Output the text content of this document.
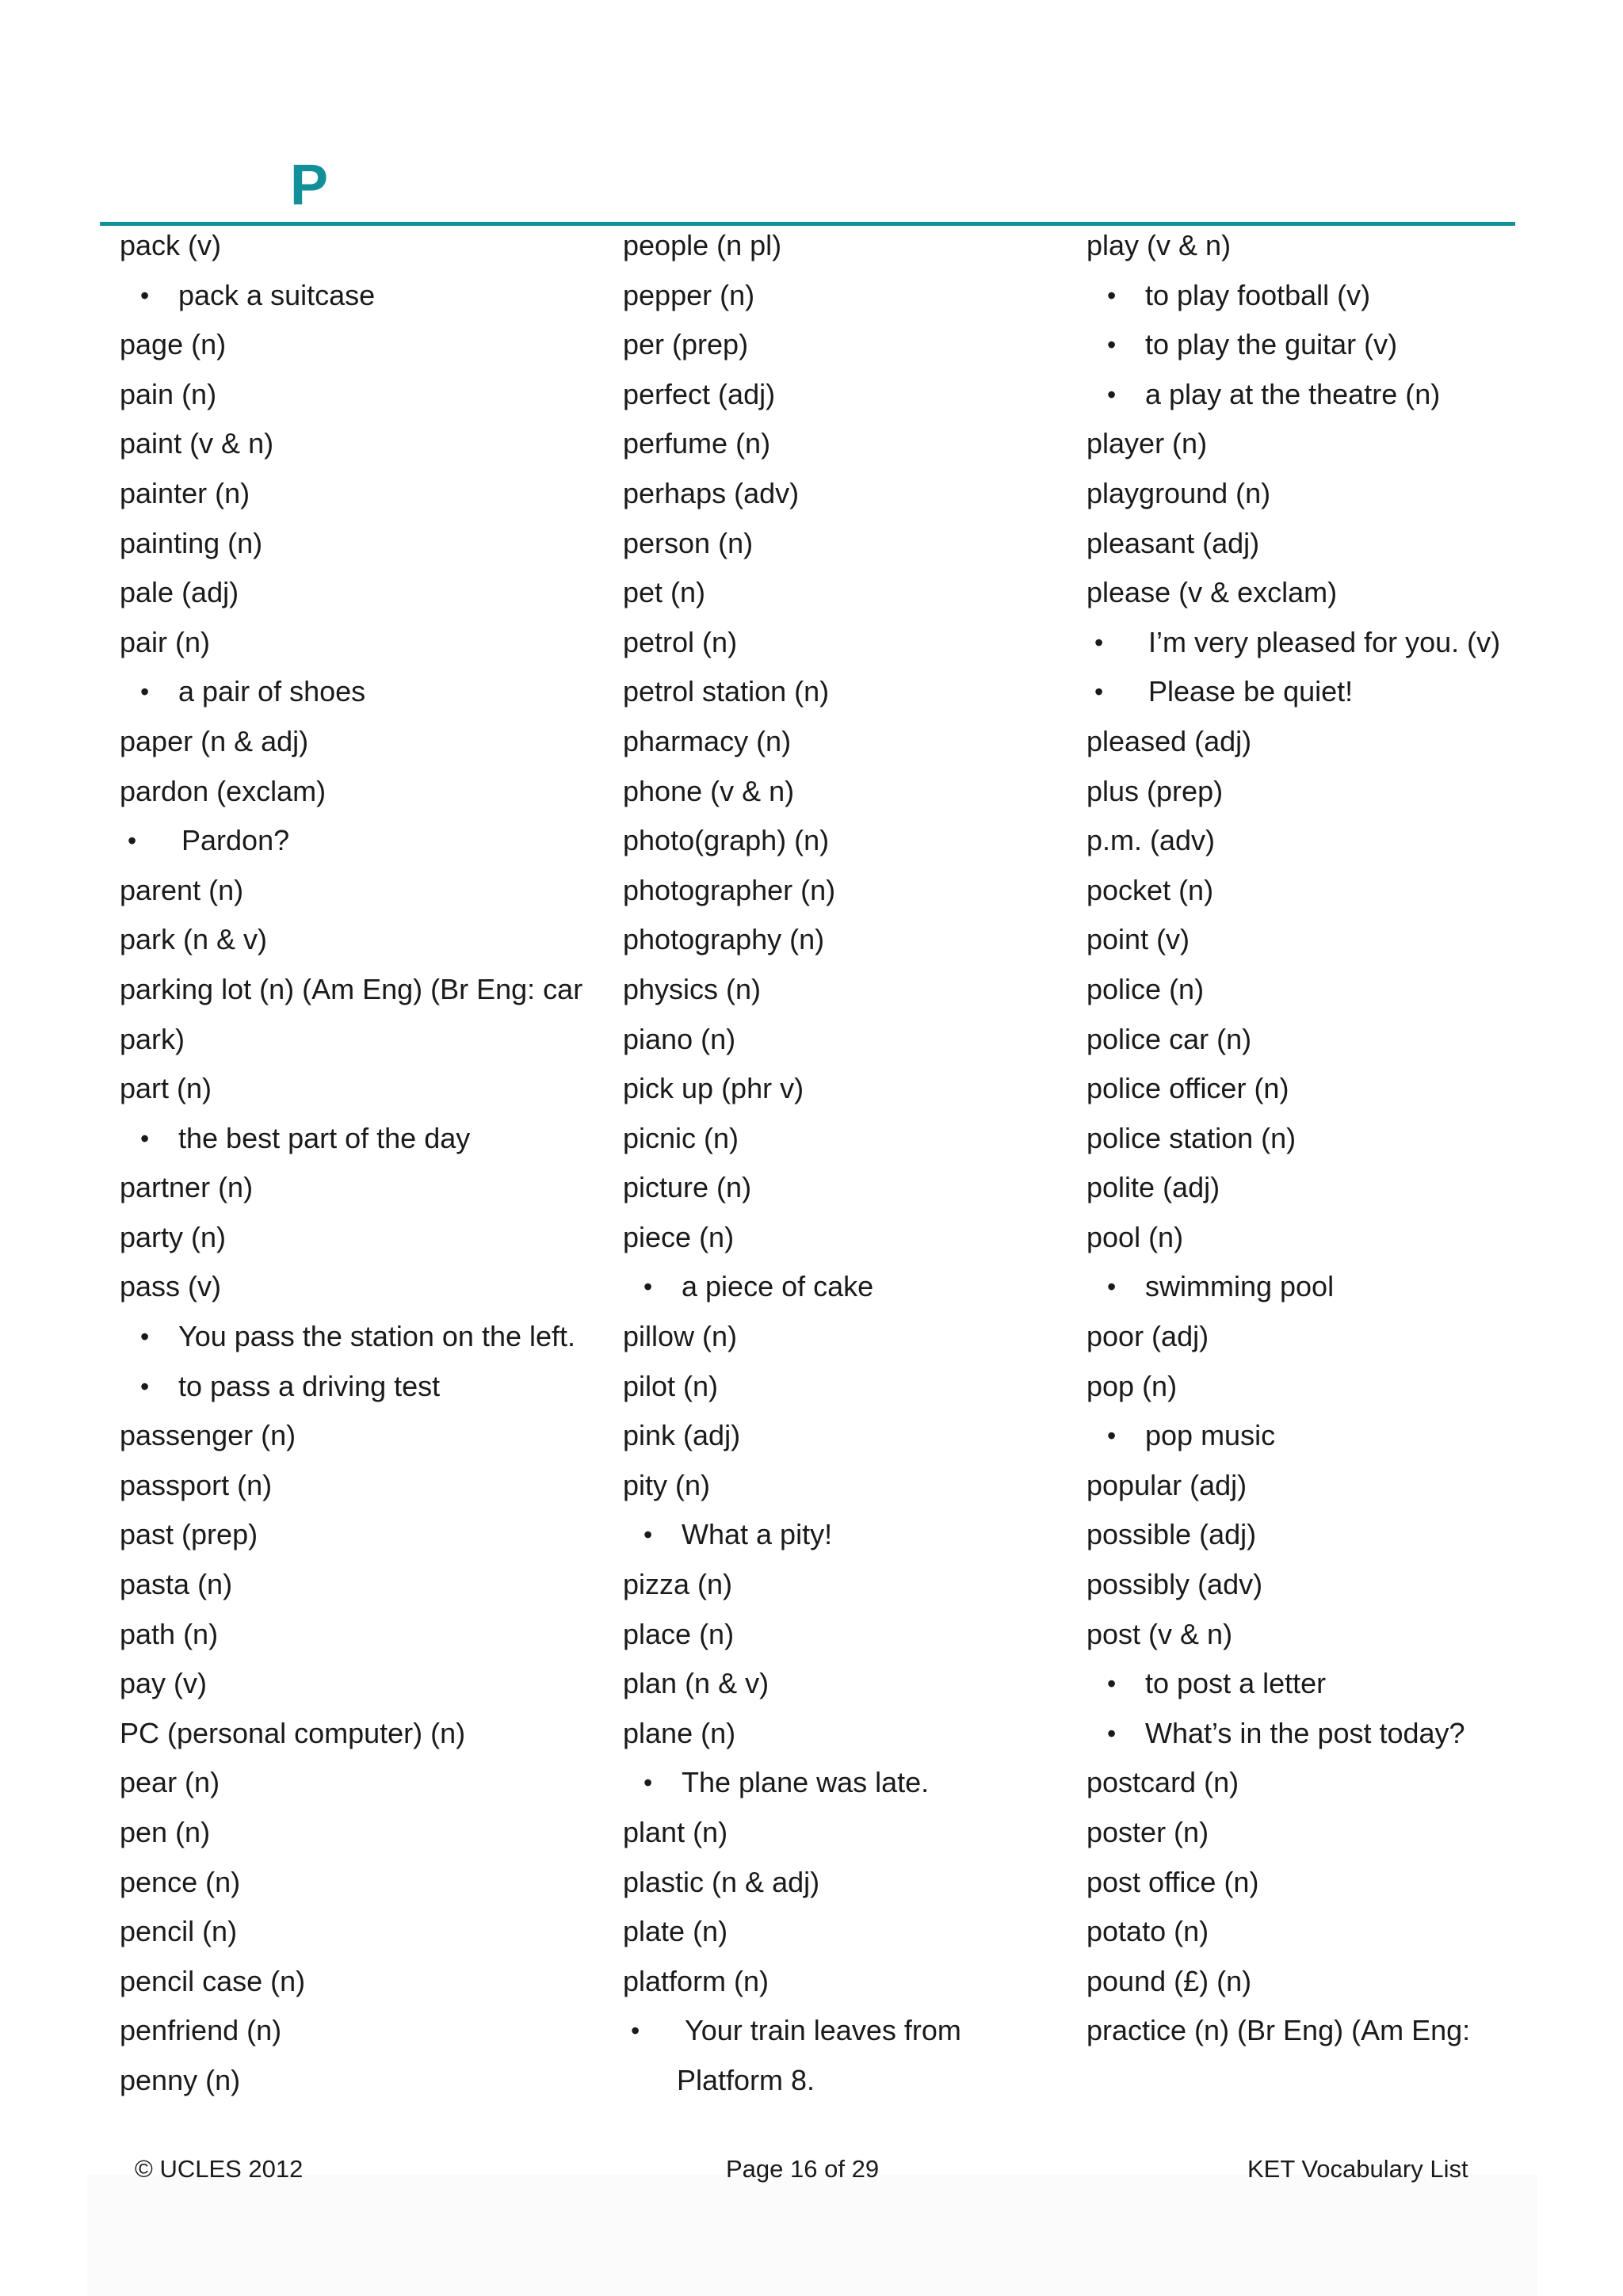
P
pack (v)
• pack a suitcase
page (n)
pain (n)
paint (v & n)
painter (n)
painting (n)
pale (adj)
pair (n)
• a pair of shoes
paper (n & adj)
pardon (exclam)
• Pardon?
parent (n)
park (n & v)
parking lot (n) (Am Eng) (Br Eng: car
park)
part (n)
• the best part of the day
partner (n)
party (n)
pass (v)
• You pass the station on the left.
• to pass a driving test
passenger (n)
passport (n)
past (prep)
pasta (n)
path (n)
pay (v)
PC (personal computer) (n)
pear (n)
pen (n)
pence (n)
pencil (n)
pencil case (n)
penfriend (n)
penny (n)
people (n pl)
pepper (n)
per (prep)
perfect (adj)
perfume (n)
perhaps (adv)
person (n)
pet (n)
petrol (n)
petrol station (n)
pharmacy (n)
phone (v & n)
photo(graph) (n)
photographer (n)
photography (n)
physics (n)
piano (n)
pick up (phr v)
picnic (n)
picture (n)
piece (n)
• a piece of cake
pillow (n)
pilot (n)
pink (adj)
pity (n)
• What a pity!
pizza (n)
place (n)
plan (n & v)
plane (n)
• The plane was late.
plant (n)
plastic (n & adj)
plate (n)
platform (n)
• Your train leaves from
Platform 8.
play (v & n)
• to play football (v)
• to play the guitar (v)
• a play at the theatre (n)
player (n)
playground (n)
pleasant (adj)
please (v & exclam)
• I’m very pleased for you. (v)
• Please be quiet!
pleased (adj)
plus (prep)
p.m. (adv)
pocket (n)
point (v)
police (n)
police car (n)
police officer (n)
police station (n)
polite (adj)
pool (n)
• swimming pool
poor (adj)
pop (n)
• pop music
popular (adj)
possible (adj)
possibly (adv)
post (v & n)
• to post a letter
• What’s in the post today?
postcard (n)
poster (n)
post office (n)
potato (n)
pound (£) (n)
practice (n) (Br Eng) (Am Eng:
© UCLES 2012	Page 16 of 29	KET Vocabulary List
